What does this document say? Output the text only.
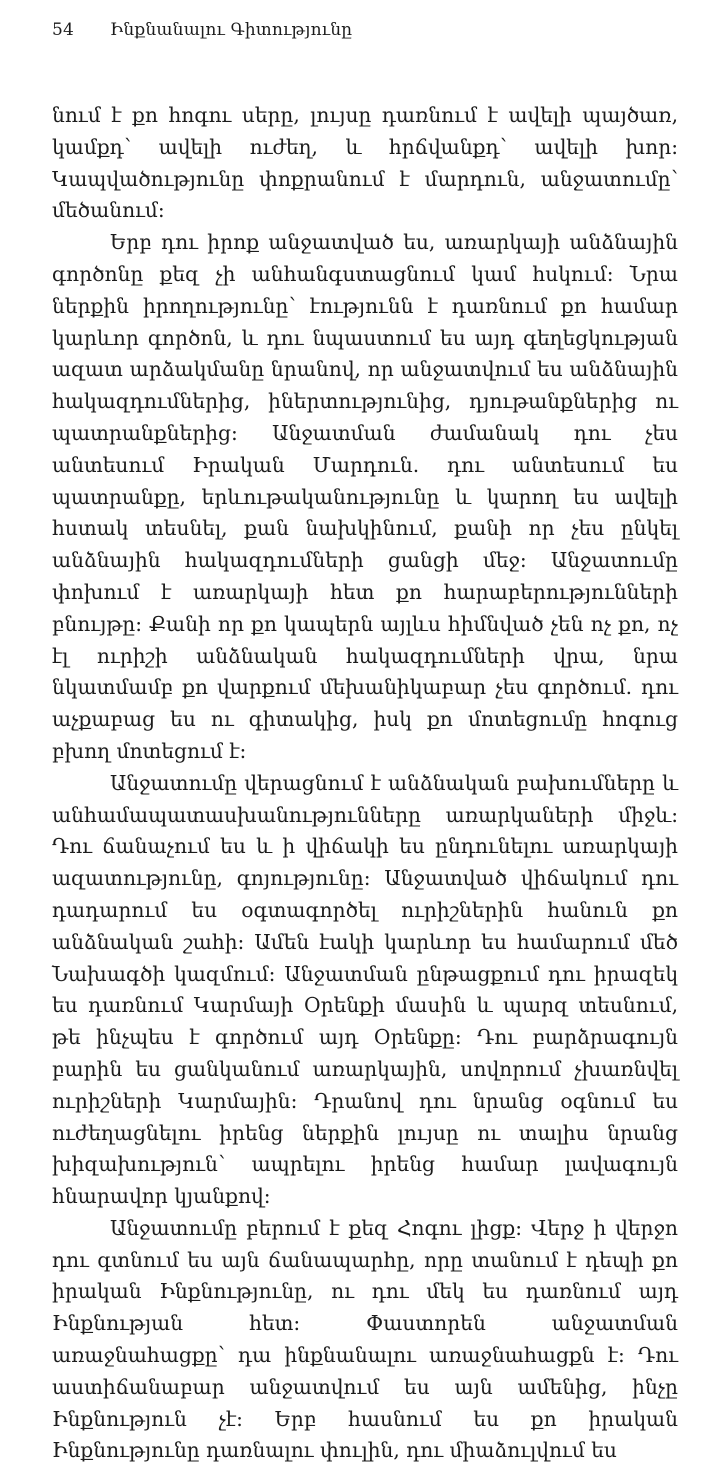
54	Ինքնանալու Գիտությունը

նում է քո հոգու սերը, լույսը դառնում է ավելի պայծառ, կամքդ՝ ավելի ուժեղ, և հրճվանքդ՝ ավելի խոր: Կապվածությունը փոքրանում է մարդուն, անջատումը՝ մեծանում:

Երբ դու իրոք անջատված ես, առարկայի անձնային գործոնը քեզ չի անհանգստացնում կամ հսկում: Նրա ներքին իրողությունը՝ էությունն է դառնում քո համար կարևոր գործոն, և դու նպաստում ես այդ գեղեցկության ազատ արձակմանը նրանով, որ անջատվում ես անձնային հակազդումներից, իներտությունից, դյութանքներից ու պատրանքներից: Անջատման ժամանակ դու չես անտեսում Իրական Մարդուն. դու անտեսում ես պատրանքը, երևութականությունը և կարող ես ավելի հստակ տեսնել, քան նախկինում, քանի որ չես ընկել անձնային հակազդումների ցանցի մեջ: Անջատումը փոխում է առարկայի հետ քո հարաբերությունների բնույթը: Քանի որ քո կապերն այլևս հիմնված չեն ոչ քո, ոչ էլ ուրիշի անձնական հակազդումների վրա, նրա նկատմամբ քո վարքում մեխանիկաբար չես գործում. դու աչքաբաց ես ու գիտակից, իսկ քո մոտեցումը հոգուց բխող մոտեցում է:

Անջատումը վերացնում է անձնական բախումները և անհամապատասխանությունները առարկաների միջև: Դու ճանաչում ես և ի վիճակի ես ընդունելու առարկայի ազատությունը, գոյությունը: Անջատված վիճակում դու դադարում ես օգտագործել ուրիշներին հանուն քո անձնական շահի: Ամեն էակի կարևոր ես համարում մեծ Նախագծի կազմում: Անջատման ընթացքում դու իրազեկ ես դառնում Կարմայի Օրենքի մասին և պարզ տեսնում, թե ինչպես է գործում այդ Օրենքը: Դու բարձրագույն բարին ես ցանկանում առարկային, սովորում չխառնվել ուրիշների Կարմային: Դրանով դու նրանց օգնում ես ուժեղացնելու իրենց ներքին լույսը ու տալիս նրանց խիզախություն՝ ապրելու իրենց համար լավագույն հնարավոր կյանքով:

Անջատումը բերում է քեզ Հոգու լիցք: Վերջ ի վերջո դու գտնում ես այն ճանապարհը, որը տանում է դեպի քո իրական Ինքնությունը, ու դու մեկ ես դառնում այդ Ինքնության հետ: Փաստորեն անջատման առաջնահացքը՝ դա ինքնանալու առաջնահացքն է: Դու աստիճանաբար անջատվում ես այն ամենից, ինչը Ինքնություն չէ: Երբ հասնում ես քո իրական Ինքնությունը դառնալու փուլին, դու միաձուլվում ես
